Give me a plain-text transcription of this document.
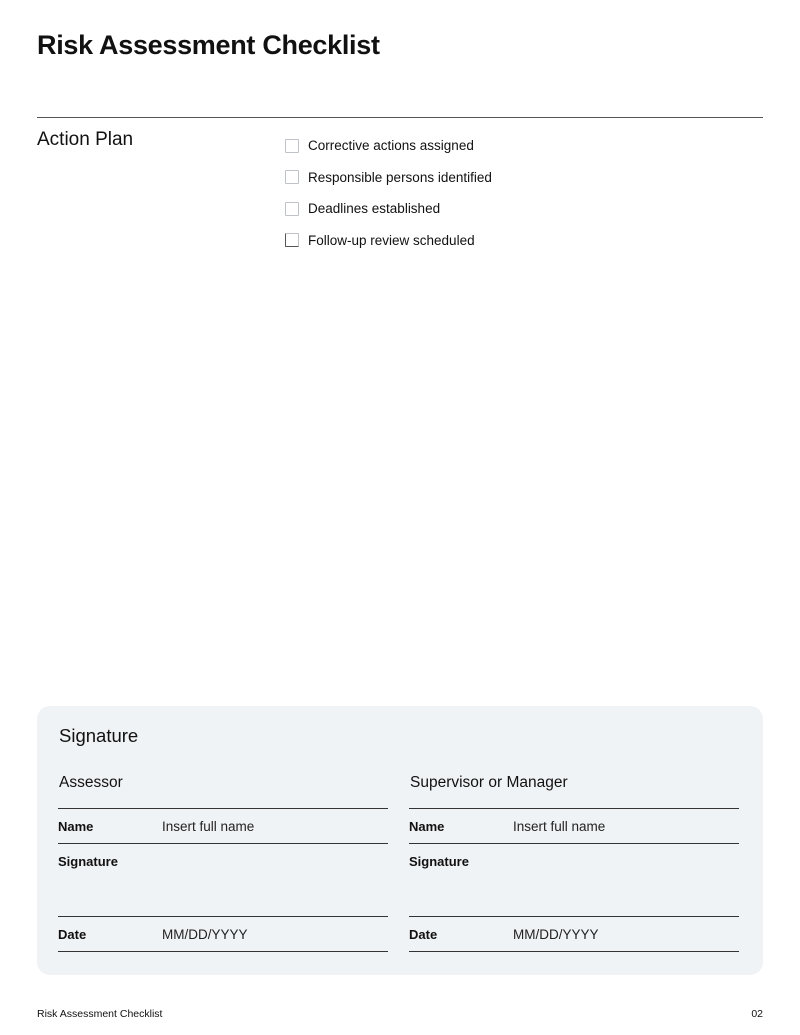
Risk Assessment Checklist
Action Plan	Corrective actions assigned
Responsible persons identified
Deadlines established
Follow-up review scheduled
Signature
Assessor
Name	Insert full name
Signature
Date	MM/DD/YYYY
Supervisor or Manager
Name	Insert full name
Signature
Date	MM/DD/YYYY
Risk Assessment Checklist	02
